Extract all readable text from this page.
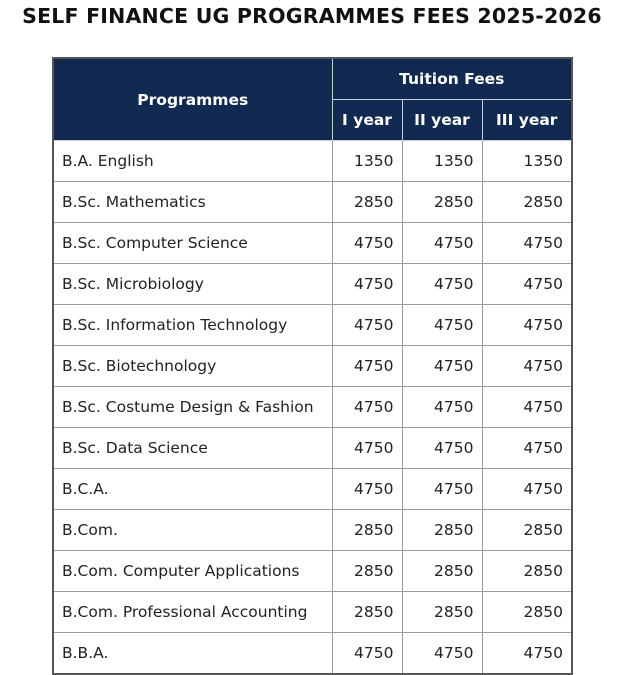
SELF FINANCE UG PROGRAMMES FEES 2025-2026
Programmes	Tuition Fees		
	I year	II year	III year
B.A. English	1350	1350	1350
B.Sc. Mathematics	2850	2850	2850
B.Sc. Computer Science	4750	4750	4750
B.Sc. Microbiology	4750	4750	4750
B.Sc. Information Technology	4750	4750	4750
B.Sc. Biotechnology	4750	4750	4750
B.Sc. Costume Design & Fashion	4750	4750	4750
B.Sc. Data Science	4750	4750	4750
B.C.A.	4750	4750	4750
B.Com.	2850	2850	2850
B.Com. Computer Applications	2850	2850	2850
B.Com. Professional Accounting	2850	2850	2850
B.B.A.	4750	4750	4750
